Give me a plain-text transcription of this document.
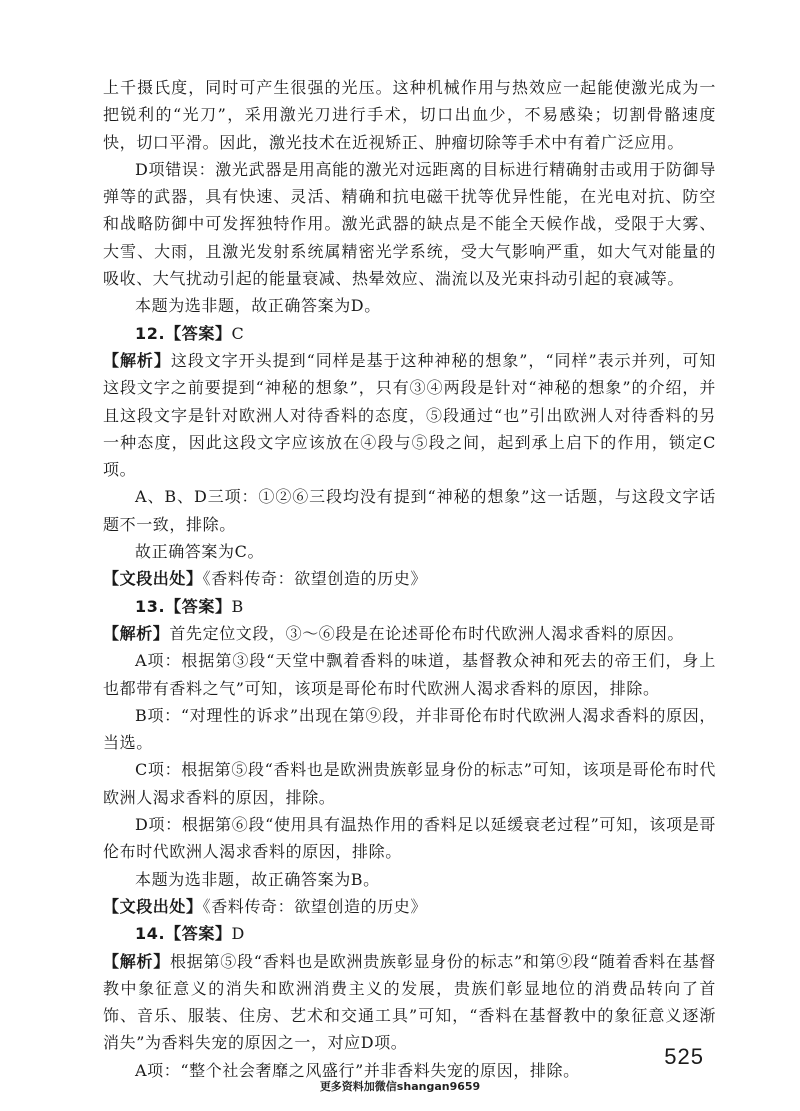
上千摄氏度，同时可产生很强的光压。这种机械作用与热效应一起能使激光成为一把锐利的“光刀”，采用激光刀进行手术，切口出血少，不易感染；切割骨骼速度快，切口平滑。因此，激光技术在近视矫正、肿瘤切除等手术中有着广泛应用。

D项错误：激光武器是用高能的激光对远距离的目标进行精确射击或用于防御导弹等的武器，具有快速、灵活、精确和抗电磁干扰等优异性能，在光电对抗、防空和战略防御中可发挥独特作用。激光武器的缺点是不能全天候作战，受限于大雾、大雪、大雨，且激光发射系统属精密光学系统，受大气影响严重，如大气对能量的吸收、大气扰动引起的能量衰减、热晕效应、湍流以及光束抖动引起的衰减等。

本题为选非题，故正确答案为D。

12.【答案】C

【解析】这段文字开头提到“同样是基于这种神秘的想象”，“同样”表示并列，可知这段文字之前要提到“神秘的想象”，只有③④两段是针对“神秘的想象”的介绍，并且这段文字是针对欧洲人对待香料的态度，⑤段通过“也”引出欧洲人对待香料的另一种态度，因此这段文字应该放在④段与⑤段之间，起到承上启下的作用，锁定C项。

A、B、D三项：①②⑥三段均没有提到“神秘的想象”这一话题，与这段文字话题不一致，排除。

故正确答案为C。

【文段出处】《香料传奇：欲望创造的历史》

13.【答案】B

【解析】首先定位文段，③～⑥段是在论述哥伦布时代欧洲人渴求香料的原因。

A项：根据第③段“天堂中飘着香料的味道，基督教众神和死去的帝王们，身上也都带有香料之气”可知，该项是哥伦布时代欧洲人渴求香料的原因，排除。

B项：“对理性的诉求”出现在第⑨段，并非哥伦布时代欧洲人渴求香料的原因，当选。

C项：根据第⑤段“香料也是欧洲贵族彰显身份的标志”可知，该项是哥伦布时代欧洲人渴求香料的原因，排除。

D项：根据第⑥段“使用具有温热作用的香料足以延缓衰老过程”可知，该项是哥伦布时代欧洲人渴求香料的原因，排除。

本题为选非题，故正确答案为B。

【文段出处】《香料传奇：欲望创造的历史》

14.【答案】D

【解析】根据第⑤段“香料也是欧洲贵族彰显身份的标志”和第⑨段“随着香料在基督教中象征意义的消失和欧洲消费主义的发展，贵族们彰显地位的消费品转向了首饰、音乐、服装、住房、艺术和交通工具”可知，“香料在基督教中的象征意义逐渐消失”为香料失宠的原因之一，对应D项。

A项：“整个社会奢靡之风盛行”并非香料失宠的原因，排除。

525
更多资料加微信shangan9659
